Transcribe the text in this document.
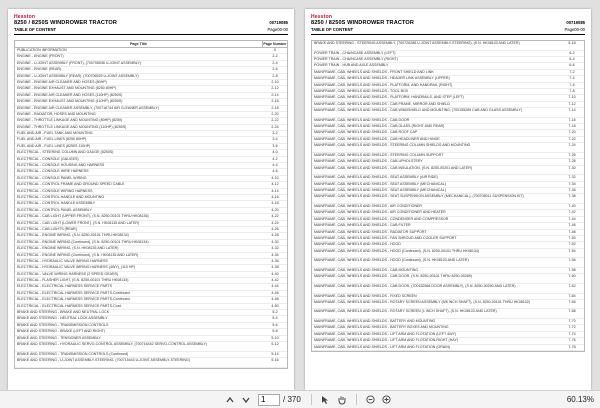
Hesston
8250 / 8250S WINDROWER TRACTOR
TABLE OF CONTENT
00719085
Page00-00
Page Title	Page Number
PUBLICATION INFORMATION	0
ENGINE - ENGINE (FRONT)	2-2
ENGINE - U-JOINT ASSEMBLY (FRONT), (700706536 U-JOINT ASSEMBLY)	2-4
ENGINE - ENGINE (REAR)	2-6
ENGINE - U-JOINT ASSEMBLY (REAR), (700706525 U-JOINT ASSEMBLY)	2-8
ENGINE - ENGINE AIR CLEANER AND HOSES (80HP)	2-10
ENGINE - ENGINE EXHAUST AND MOUNTING (8250 80HP)	2-12
ENGINE - ENGINE AIR CLEANER AND HOSES (110HP) (8250S)	2-14
ENGINE - ENGINE EXHAUST AND MOUNTING (110HP) (8250S)	2-16
ENGINE - ENGINE AIR CLEANER ASSEMBLY, (700716744 AIR CLEANER ASSEMBLY)	2-18
ENGINE - RADIATOR, HOSES AND MOUNTING	2-20
ENGINE - THROTTLE LINKAGE AND MOUNTING (80HP) (8250)	2-22
ENGINE - THROTTLE LINKAGE AND MOUNTING (110HP) (8250S)	2-24
FUEL AND AIR - FUEL TANK AND MOUNTING	3-2
FUEL AND AIR - FUEL LINES (8250 80HP)	3-4
FUEL AND AIR - FUEL LINES (8250S 110HP)	3-6
ELECTRICAL - STEERING COLUMN AND GAUGE (8250S)	4-0
ELECTRICAL - CONSOLE (GAUGES)	4-2
ELECTRICAL - CONSOLE HOUSING AND HARNESS	4-4
ELECTRICAL - CONSOLE WIRE HARNESS	4-6
ELECTRICAL - CONSOLE PANEL WIRING	4-10
ELECTRICAL - CONTROL FRAME AND GROUND SPEED CABLE	4-12
ELECTRICAL - CONSOLE WIRING HARNESS	4-14
ELECTRICAL - CONTROL HANDLE AND MOUNTING	4-16
ELECTRICAL - CONTROL HANDLE ASSEMBLY	4-18
ELECTRICAL - CONTROL PANEL ASSEMBLY	4-20
ELECTRICAL - CAB LIGHT (UPPER FRONT), (S.N. 8250-00101 THRU HK08136)	4-22
ELECTRICAL - CAB LIGHT (LOWER FRONT), (S.N. HK08135 AND LATER)	4-24
ELECTRICAL - CAB LIGHTS (REAR)	4-26
ELECTRICAL - ENGINE WIRING, (S.N. 8250-00101 THRU HK08134)	4-28
ELECTRICAL - ENGINE WIRING (Continued), (S.N. 8250-00101 THRU HK08134)	4-30
ELECTRICAL - ENGINE WIRING, (S.N. HK08135 AND LATER)	4-32
ELECTRICAL - ENGINE WIRING (Continued), (S.N. HK08135 AND LATER)	4-34
ELECTRICAL - HYDRAULIC VALVE WIRING HARNESS	4-36
ELECTRICAL - HYDRAULIC VALVE WIRING HARNESS (4WY), (110 HP)	4-38
ELECTRICAL - VALVE WIRING HARNESS (2 SPEED GEARS)	4-40
ELECTRICAL - FLASHER LIGHT, (S.N. 8250-00101 THRU HK08134)	4-42
ELECTRICAL - ELECTRICAL HARNESS SERVICE PARTS	4-44
ELECTRICAL - ELECTRICAL HARNESS SERVICE PARTS-Continued	4-46
ELECTRICAL - ELECTRICAL HARNESS SERVICE PARTS-Continued	4-48
ELECTRICAL - ELECTRICAL HARNESS SERVICE PARTS-Cont.	4-50
BRAKE AND STEERING - BRAKE AND NEUTRAL LOCK	5-2
BRAKE AND STEERING - NEUTRAL LOCK ASSEMBLY	5-4
BRAKE AND STEERING - TRANSMISSION CONTROLS	5-6
BRAKE AND STEERING - BRAKE (LEFT AND RIGHT)	5-8
BRAKE AND STEERING - TENSIONER ASSEMBLY	5-10
BRAKE AND STEERING - HYDRAULIC SERVO-CONTROL ASSEMBLY, (700716442 SERVO-CONTROL ASSEMBLY)	5-12
BRAKE AND STEERING - TRANSMISSION CONTROLS (Continued)	5-14
BRAKE AND STEERING - U-JOINT ASSEMBLY-STEERING, (700715443 U-JOINT ASSEMBLY-STEERING)	5-16
Hesston
8250 / 8250S WINDROWER TRACTOR
TABLE OF CONTENT
00719085
Page00-00
BRAKE AND STEERING - STEERING ASSEMBLY, (700726288 U-JOINT ASSEMBLY-STEERING), (S.N. HK08103 AND LATER)	5-18
POWER TRAIN - CHAINCASE ASSEMBLY (LEFT)	6-2
POWER TRAIN - CHAINCASE ASSEMBLY (RIGHT)	6-4
POWER TRAIN - HUB AND AXLE ASSEMBLY	6-6
MAINFRAME, CAB, WHEELS AND SHIELDS - FRONT SHIELD AND LINK	7-2
MAINFRAME, CAB, WHEELS AND SHIELDS - HEADER LINK ASSEMBLY (UPPER)	7-4
MAINFRAME, CAB, WHEELS AND SHIELDS - PLATFORM, AND HANDRAIL (RIGHT)	7-6
MAINFRAME, CAB, WHEELS AND SHIELDS - TOOL BOX	7-8
MAINFRAME, CAB, WHEELS AND SHIELDS - PLATFORM, HANDRAILS, AND STEP (LEFT)	7-10
MAINFRAME, CAB, WHEELS AND SHIELDS - CAB FRAME, MIRROR AND SHIELD	7-12
MAINFRAME, CAB, WHEELS AND SHIELDS - CAB WINDSHIELD AND MOUNTING, (700155285 CAB AND GLASS ASSEMBLY)	7-14
MAINFRAME, CAB, WHEELS AND SHIELDS - CAB DOOR	7-16
MAINFRAME, CAB, WHEELS AND SHIELDS - CAB GLASS (RIGHT AND REAR)	7-18
MAINFRAME, CAB, WHEELS AND SHIELDS - CAB ROOF CAP	7-20
MAINFRAME, CAB, WHEELS AND SHIELDS - CAB HEADLINER AND HINGE	7-22
MAINFRAME, CAB, WHEELS AND SHIELDS - STEERING COLUMN SHIELDS AND MOUNTING	7-24
MAINFRAME, CAB, WHEELS AND SHIELDS - STEERING COLUMN SUPPORT	7-26
MAINFRAME, CAB, WHEELS AND SHIELDS - CAB UPHOLSTERY	7-28
MAINFRAME, CAB, WHEELS AND SHIELDS - CAB INSULATION, (S.N. 8250-00201 AND LATER)	7-30
MAINFRAME, CAB, WHEELS AND SHIELDS - SEAT ASSEMBLY (AIR RIDE)	7-32
MAINFRAME, CAB, WHEELS AND SHIELDS - SEAT ASSEMBLY (MECHANICAL)	7-34
MAINFRAME, CAB, WHEELS AND SHIELDS - SEAT ASSEMBLY (MECHANICAL)	7-36
MAINFRAME, CAB, WHEELS AND SHIELDS - SEAT SUSPENSION ASSEMBLY (MECHANICAL), (700708011 SUSPENSION KIT)	7-38
MAINFRAME, CAB, WHEELS AND SHIELDS - AIR CONDITIONER	7-40
MAINFRAME, CAB, WHEELS AND SHIELDS - AIR CONDITIONER AND HEATER	7-42
MAINFRAME, CAB, WHEELS AND SHIELDS - CONDENSER AND COMPRESSOR	7-44
MAINFRAME, CAB, WHEELS AND SHIELDS - CAB FILTER	7-46
MAINFRAME, CAB, WHEELS AND SHIELDS - RADIATOR SUPPORT	7-48
MAINFRAME, CAB, WHEELS AND SHIELDS - FAN SHROUD AND COOLER SUPPORT	7-50
MAINFRAME, CAB, WHEELS AND SHIELDS - HOOD	7-52
MAINFRAME, CAB, WHEELS AND SHIELDS - HOOD (Continued), (S.N. 8250-00101 THRU HK08134)	7-54
MAINFRAME, CAB, WHEELS AND SHIELDS - HOOD (Continued), (S.N. HK08103 AND LATER)	7-56
MAINFRAME, CAB, WHEELS AND SHIELDS - CAB MOUNTING	7-58
MAINFRAME, CAB, WHEELS AND SHIELDS - CAB DOOR, (S.N. 8250-00101 THRU 8250-00289)	7-60
MAINFRAME, CAB, WHEELS AND SHIELDS - CAB DOOR, (700152568 DOOR ASSEMBLY), (S.N. 8250-00290 AND LATER)	7-62
MAINFRAME, CAB, WHEELS AND SHIELDS - FIXED SCREEN	7-64
MAINFRAME, CAB, WHEELS AND SHIELDS - ROTARY SCREEN ASSEMBLY (5/8 INCH SHAFT), (S.N. 8250-00101 THRU HK08102)	7-66
MAINFRAME, CAB, WHEELS AND SHIELDS - ROTARY SCREEN (1 INCH SHAFT), (S.N. HK08103 AND LATER)	7-68
MAINFRAME, CAB, WHEELS AND SHIELDS - BATTERY AND MOUNTING	7-70
MAINFRAME, CAB, WHEELS AND SHIELDS - BATTERY BOXES AND MOUNTING	7-72
MAINFRAME, CAB, WHEELS AND SHIELDS - LIFT ARM AND FLOTATION (LEFT 4WY)	7-74
MAINFRAME, CAB, WHEELS AND SHIELDS - LIFT ARM AND FLOTATION-RIGHT (HAY)	7-76
MAINFRAME, CAB, WHEELS AND SHIELDS - LIFT ARM AND FLOTATION (GRAIN)	7-78
1
/ 370	60.13%
